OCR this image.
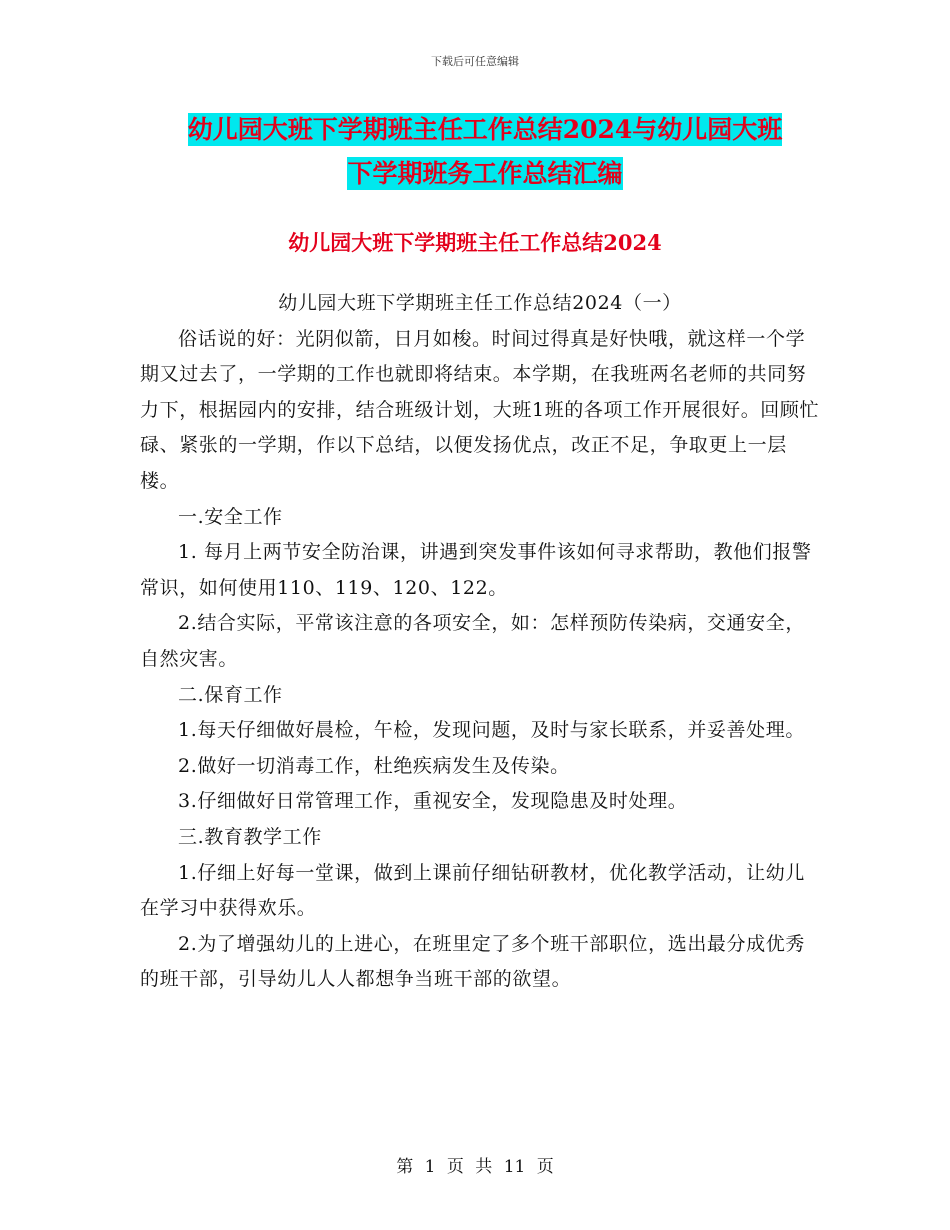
下载后可任意编辑
幼儿园大班下学期班主任工作总结2024与幼儿园大班
下学期班务工作总结汇编
幼儿园大班下学期班主任工作总结2024

幼儿园大班下学期班主任工作总结2024（一）

俗话说的好：光阴似箭，日月如梭。时间过得真是好快哦，就这样一个学期又过去了，一学期的工作也就即将结束。本学期，在我班两名老师的共同努力下，根据园内的安排，结合班级计划，大班1班的各项工作开展很好。回顾忙碌、紧张的一学期，作以下总结，以便发扬优点，改正不足，争取更上一层楼。

一.安全工作

1. 每月上两节安全防治课，讲遇到突发事件该如何寻求帮助，教他们报警常识，如何使用110、119、120、122。

2.结合实际，平常该注意的各项安全，如：怎样预防传染病，交通安全，自然灾害。

二.保育工作

1.每天仔细做好晨检，午检，发现问题，及时与家长联系，并妥善处理。

2.做好一切消毒工作，杜绝疾病发生及传染。

3.仔细做好日常管理工作，重视安全，发现隐患及时处理。

三.教育教学工作

1.仔细上好每一堂课，做到上课前仔细钻研教材，优化教学活动，让幼儿在学习中获得欢乐。

2.为了增强幼儿的上进心，在班里定了多个班干部职位，选出最分成优秀的班干部，引导幼儿人人都想争当班干部的欲望。

第 1 页 共 11 页
